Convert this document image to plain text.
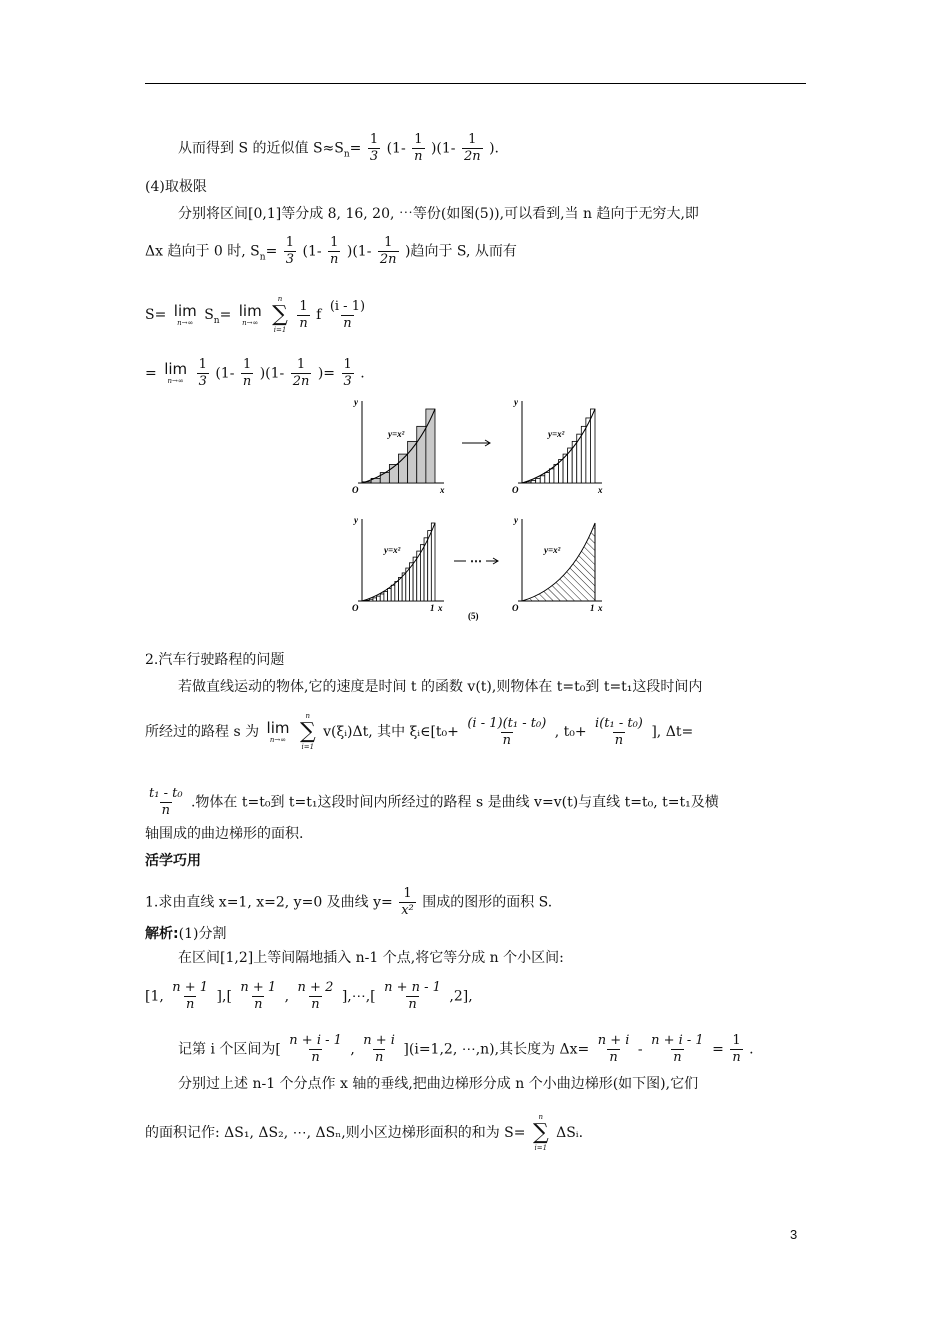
从而得到 S 的近似值 $S\approx S_n= \frac{1}{3} (1- \frac{1}{n} )(1- \frac{1}{2n}$ ).
(4)取极限
分别将区间[0,1]等分成 8, 16, 20, ⋯等份(如图(5)),可以看到,当 n 趋向于无穷大,即
Δx 趋向于 0 时, $S_n= \frac{1}{3} (1- \frac{1}{n} )(1- \frac{1}{2n}$ )趋向于 S, 从而有
S= lim
n→∞ $S_n= \lim$
n→∞

n
∑
i=1
$\frac{1}{n}$ f $\frac{(i - 1)}{n}$
= lim
n→∞
$\frac{1}{3} (1- \frac{1}{n} )(1- \frac{1}{2n}$ )= $\frac{1}{3}$ .
y
x
O
y=x²
y
x
O
y=x²
y
x
1
O
y=x²
⋯
y
x
1
O
y=x²
(5)
2.汽车行驶路程的问题
若做直线运动的物体,它的速度是时间 t 的函数 v(t),则物体在 t=t₀到 t=t₁这段时间内
所经过的路程 s 为 lim
n→∞

n
∑
i=1
v(ξᵢ)Δt, 其中 ξᵢ∈[t₀+ $\frac{\text{(i - 1)(t₁ - t₀)}}{n}$ , $t_0+ \frac{\text{i(t₁ - t₀)}}{n}$ ], Δt=
$\frac{\text{t₁ - t₀}}{n}$ .物体在 t=t₀到 t=t₁这段时间内所经过的路程 s 是曲线 v=v(t)与直线 t=t₀, t=t₁及横
轴围成的曲边梯形的面积.
活学巧用
1.求由直线 x=1, x=2, y=0 及曲线 $y= \frac{1}{\text{x²}}$ 围成的图形的面积 S.
解析:(1)分割
在区间[1,2]上等间隔地插入 n-1 个点,将它等分成 n 个小区间:
[1, $\frac{n + 1}{n}$ ],[ $\frac{n + 1}{n}$ , $\frac{n + 2}{n}$ ],⋯,[ $\frac{n + n - 1}{n} ,2$],
记第 i 个区间为[ $\frac{n + i - 1}{n}$ , $\frac{n + i}{n} ](i=1,2$, ⋯,n),其长度为 $\Delta x= \frac{n + i}{n} - \frac{n + i - 1}{n} = \frac{1}{n}$ .
分别过上述 n-1 个分点作 x 轴的垂线,把曲边梯形分成 n 个小曲边梯形(如下图),它们
的面积记作: ΔS₁, ΔS₂, ⋯, ΔSₙ,则小区边梯形面积的和为 S=
n
∑
i=1
ΔSᵢ.
3
